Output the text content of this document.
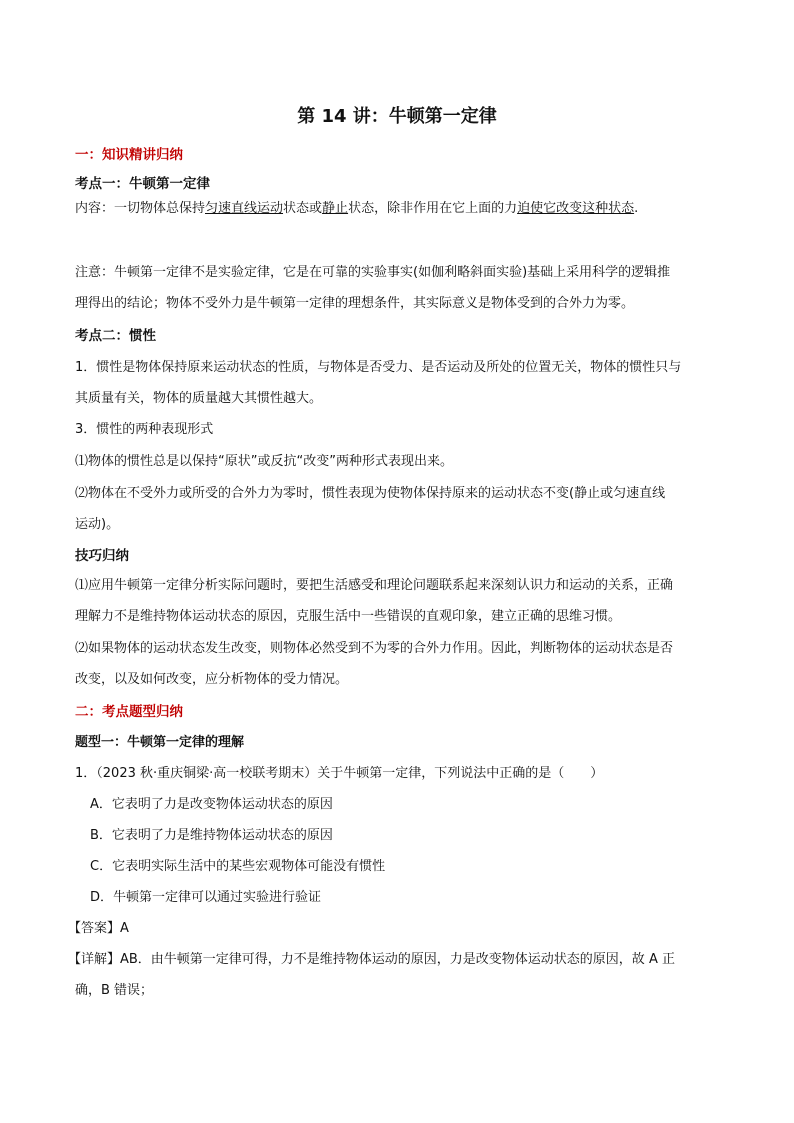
第 14 讲：牛顿第一定律
一：知识精讲归纳
考点一：牛顿第一定律
内容：一切物体总保持匀速直线运动状态或静止状态，除非作用在它上面的力迫使它改变这种状态.
注意：牛顿第一定律不是实验定律，它是在可靠的实验事实(如伽利略斜面实验)基础上采用科学的逻辑推
理得出的结论；物体不受外力是牛顿第一定律的理想条件，其实际意义是物体受到的合外力为零。
考点二：惯性
1．惯性是物体保持原来运动状态的性质，与物体是否受力、是否运动及所处的位置无关，物体的惯性只与
其质量有关，物体的质量越大其惯性越大。
3．惯性的两种表现形式
⑴物体的惯性总是以保持“原状”或反抗“改变”两种形式表现出来。
⑵物体在不受外力或所受的合外力为零时，惯性表现为使物体保持原来的运动状态不变(静止或匀速直线
运动)。
技巧归纳
⑴应用牛顿第一定律分析实际问题时，要把生活感受和理论问题联系起来深刻认识力和运动的关系，正确
理解力不是维持物体运动状态的原因，克服生活中一些错误的直观印象，建立正确的思维习惯。
⑵如果物体的运动状态发生改变，则物体必然受到不为零的合外力作用。因此，判断物体的运动状态是否
改变，以及如何改变，应分析物体的受力情况。
二：考点题型归纳
题型一：牛顿第一定律的理解
1．（2023 秋·重庆铜梁·高一校联考期末）关于牛顿第一定律，下列说法中正确的是（　　）
A．它表明了力是改变物体运动状态的原因
B．它表明了力是维持物体运动状态的原因
C．它表明实际生活中的某些宏观物体可能没有惯性
D．牛顿第一定律可以通过实验进行验证
【答案】A
【详解】AB．由牛顿第一定律可得，力不是维持物体运动的原因，力是改变物体运动状态的原因，故 A 正
确，B 错误；
